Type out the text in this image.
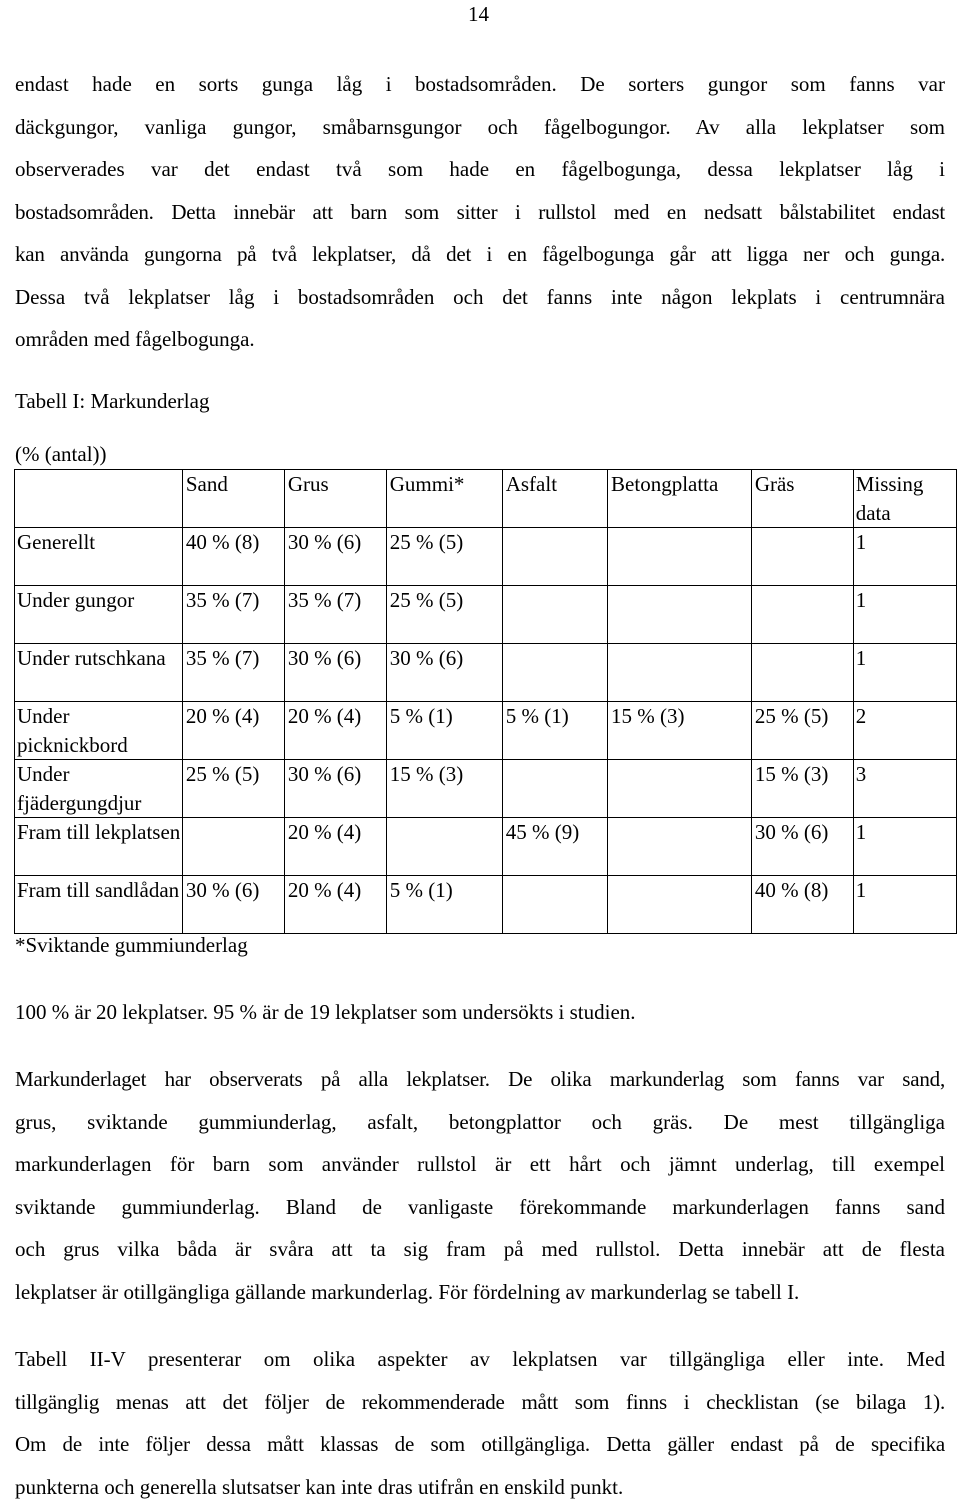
14
endast hade en sorts gunga låg i bostadsområden. De sorters gungor som fanns var
däckgungor, vanliga gungor, småbarnsgungor och fågelbogungor. Av alla lekplatser som
observerades var det endast två som hade en fågelbogunga, dessa lekplatser låg i
bostadsområden. Detta innebär att barn som sitter i rullstol med en nedsatt bålstabilitet endast
kan använda gungorna på två lekplatser, då det i en fågelbogunga går att ligga ner och gunga.
Dessa två lekplatser låg i bostadsområden och det fanns inte någon lekplats i centrumnära
områden med fågelbogunga.

Tabell I: Markunderlag

(% (antal))

	Sand	Grus	Gummi*	Asfalt	Betongplatta	Gräs	Missing data
Generellt	40 % (8)	30 % (6)	25 % (5)				1
Under gungor	35 % (7)	35 % (7)	25 % (5)				1
Under rutschkana	35 % (7)	30 % (6)	30 % (6)				1
Under picknickbord	20 % (4)	20 % (4)	5 % (1)	5 % (1)	15 % (3)	25 % (5)	2
Under fjädergungdjur	25 % (5)	30 % (6)	15 % (3)			15 % (3)	3
Fram till lekplatsen		20 % (4)		45 % (9)		30 % (6)	1
Fram till sandlådan	30 % (6)	20 % (4)	5 % (1)			40 % (8)	1
*Sviktande gummiunderlag

100 % är 20 lekplatser. 95 % är de 19 lekplatser som undersökts i studien.

Markunderlaget har observerats på alla lekplatser. De olika markunderlag som fanns var sand,
grus, sviktande gummiunderlag, asfalt, betongplattor och gräs. De mest tillgängliga
markunderlagen för barn som använder rullstol är ett hårt och jämnt underlag, till exempel
sviktande gummiunderlag. Bland de vanligaste förekommande markunderlagen fanns sand
och grus vilka båda är svåra att ta sig fram på med rullstol. Detta innebär att de flesta
lekplatser är otillgängliga gällande markunderlag. För fördelning av markunderlag se tabell I.
Tabell II-V presenterar om olika aspekter av lekplatsen var tillgängliga eller inte. Med
tillgänglig menas att det följer de rekommenderade mått som finns i checklistan (se bilaga 1).
Om de inte följer dessa mått klassas de som otillgängliga. Detta gäller endast på de specifika
punkterna och generella slutsatser kan inte dras utifrån en enskild punkt.
